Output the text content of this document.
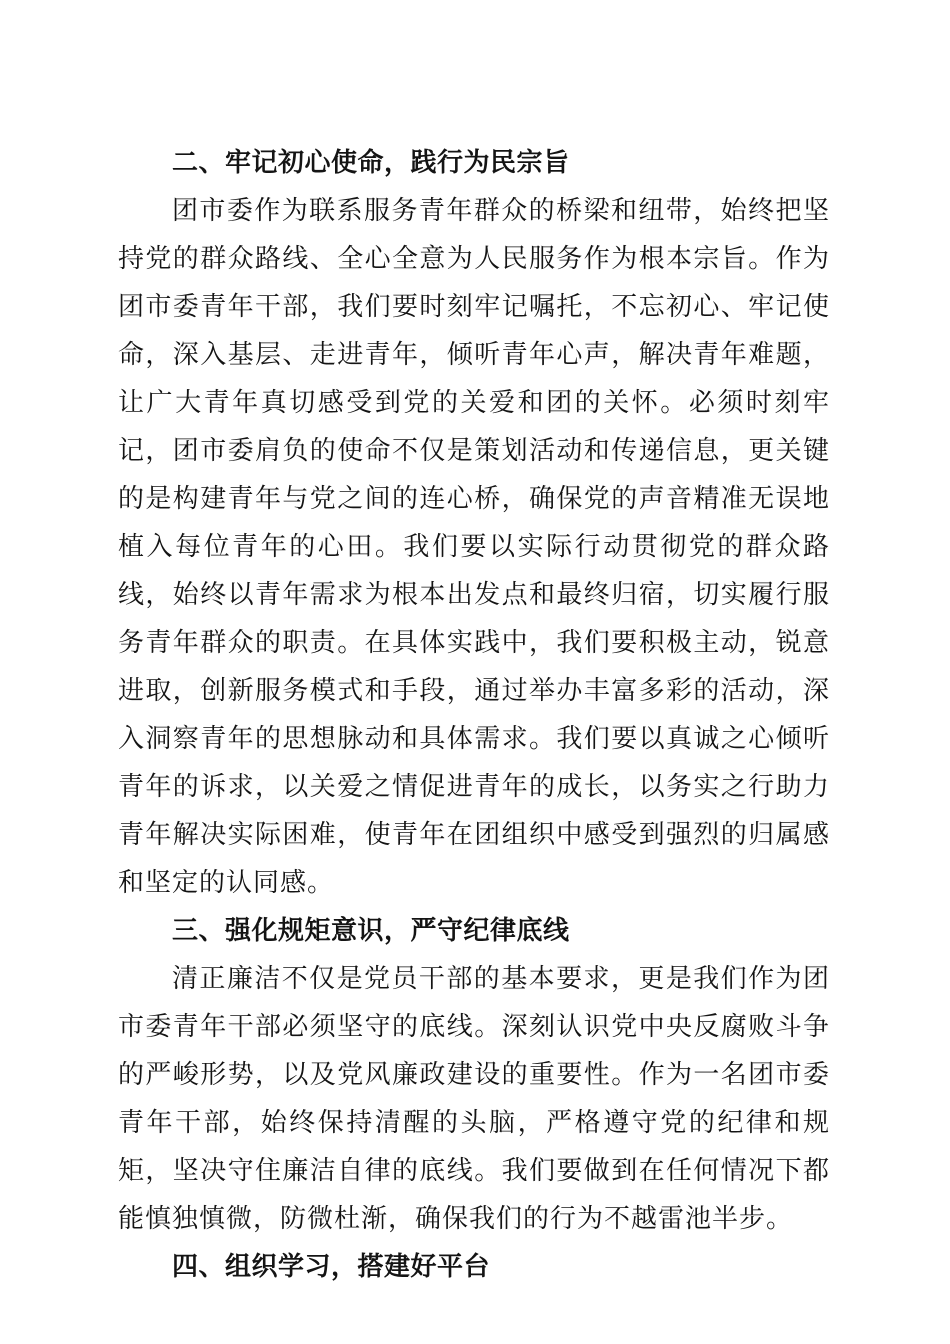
二、牢记初心使命，践行为民宗旨

团市委作为联系服务青年群众的桥梁和纽带，始终把坚持党的群众路线、全心全意为人民服务作为根本宗旨。作为团市委青年干部，我们要时刻牢记嘱托，不忘初心、牢记使命，深入基层、走进青年，倾听青年心声，解决青年难题，让广大青年真切感受到党的关爱和团的关怀。必须时刻牢记，团市委肩负的使命不仅是策划活动和传递信息，更关键的是构建青年与党之间的连心桥，确保党的声音精准无误地植入每位青年的心田。我们要以实际行动贯彻党的群众路线，始终以青年需求为根本出发点和最终归宿，切实履行服务青年群众的职责。在具体实践中，我们要积极主动，锐意进取，创新服务模式和手段，通过举办丰富多彩的活动，深入洞察青年的思想脉动和具体需求。我们要以真诚之心倾听青年的诉求，以关爱之情促进青年的成长，以务实之行助力青年解决实际困难，使青年在团组织中感受到强烈的归属感和坚定的认同感。

三、强化规矩意识，严守纪律底线

清正廉洁不仅是党员干部的基本要求，更是我们作为团市委青年干部必须坚守的底线。深刻认识党中央反腐败斗争的严峻形势，以及党风廉政建设的重要性。作为一名团市委青年干部，始终保持清醒的头脑，严格遵守党的纪律和规矩，坚决守住廉洁自律的底线。我们要做到在任何情况下都能慎独慎微，防微杜渐，确保我们的行为不越雷池半步。

四、组织学习，搭建好平台
